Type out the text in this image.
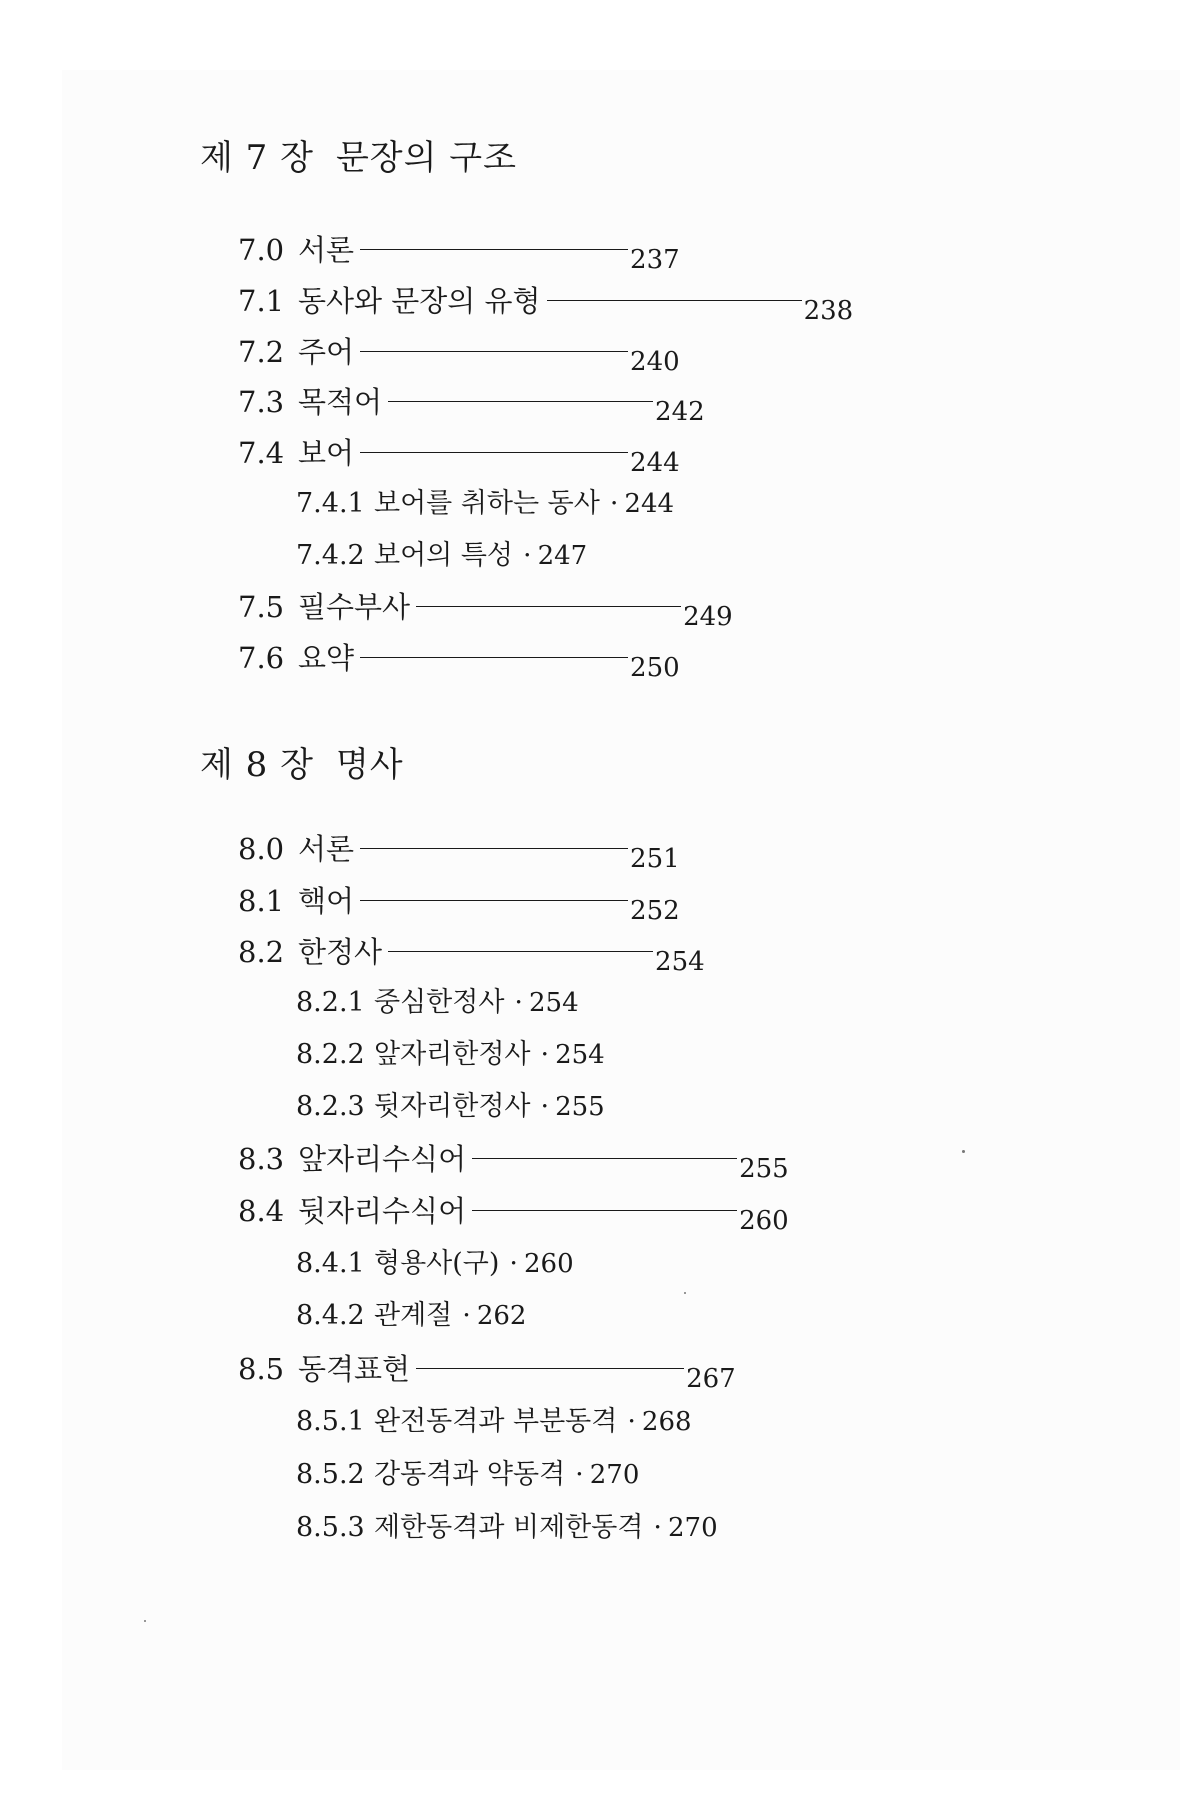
제 7 장 문장의 구조
7.0 서론	237
7.1 동사와 문장의 유형	238
7.2 주어	240
7.3 목적어	242
7.4 보어	244
7.4.1 보어를 취하는 동사 · 244
7.4.2 보어의 특성 · 247
7.5 필수부사	249
7.6 요약	250
제 8 장 명사
8.0 서론	251
8.1 핵어	252
8.2 한정사	254
8.2.1 중심한정사 · 254
8.2.2 앞자리한정사 · 254
8.2.3 뒷자리한정사 · 255
8.3 앞자리수식어	255
8.4 뒷자리수식어	260
8.4.1 형용사(구) · 260
8.4.2 관계절 · 262
8.5 동격표현	267
8.5.1 완전동격과 부분동격 · 268
8.5.2 강동격과 약동격 · 270
8.5.3 제한동격과 비제한동격 · 270
